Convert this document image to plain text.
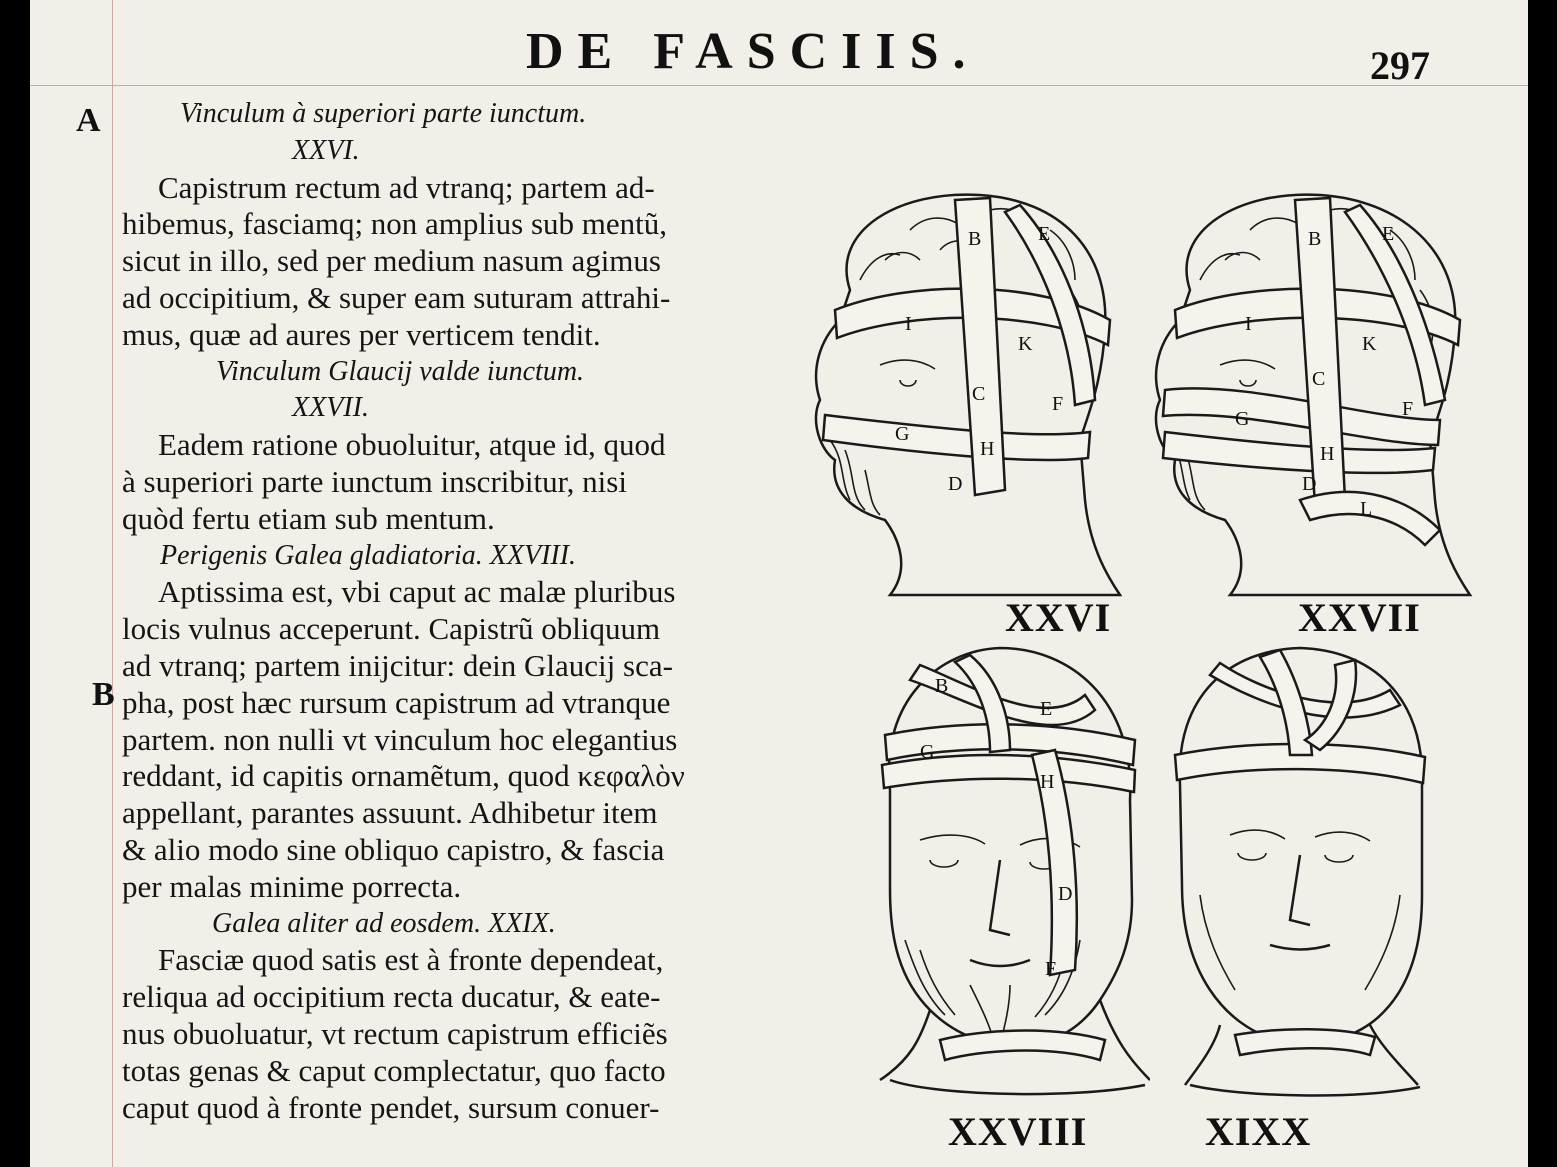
DE FASCIIS.	297
A
B
Vinculum à superiori parte iunctum.
XXVI.
Capistrum rectum ad vtranq; partem ad-
hibemus, fasciamq; non amplius sub mentũ,
sicut in illo, sed per medium nasum agimus
ad occipitium, & super eam suturam attrahi-
mus, quæ ad aures per verticem tendit.
Vinculum Glaucij valde iunctum.
XXVII.
Eadem ratione obuoluitur, atque id, quod
à superiori parte iunctum inscribitur, nisi
quòd fertu etiam sub mentum.
Perigenis Galea gladiatoria. XXVIII.
Aptissima est, vbi caput ac malæ pluribus
locis vulnus acceperunt. Capistrũ obliquum
ad vtranq; partem inijcitur: dein Glaucij sca-
pha, post hæc rursum capistrum ad vtranque
partem. non nulli vt vinculum hoc elegantius
reddant, id capitis ornamẽtum, quod κεφαλὸν
appellant, parantes assuunt. Adhibetur item
& alio modo sine obliquo capistro, & fascia
per malas minime porrecta.
Galea aliter ad eosdem. XXIX.
Fasciæ quod satis est à fronte dependeat,
reliqua ad occipitium recta ducatur, & eate-
nus obuoluatur, vt rectum capistrum efficiẽs
totas genas & caput complectatur, quo facto
caput quod à fronte pendet, sursum conuer-
B	E
I
K
C	F
G
H
D
XXVI
B	E
I
K
C
F
G
H
D
L
XXVII
B
E
G
H
D
F
XXVIII	XIXX
